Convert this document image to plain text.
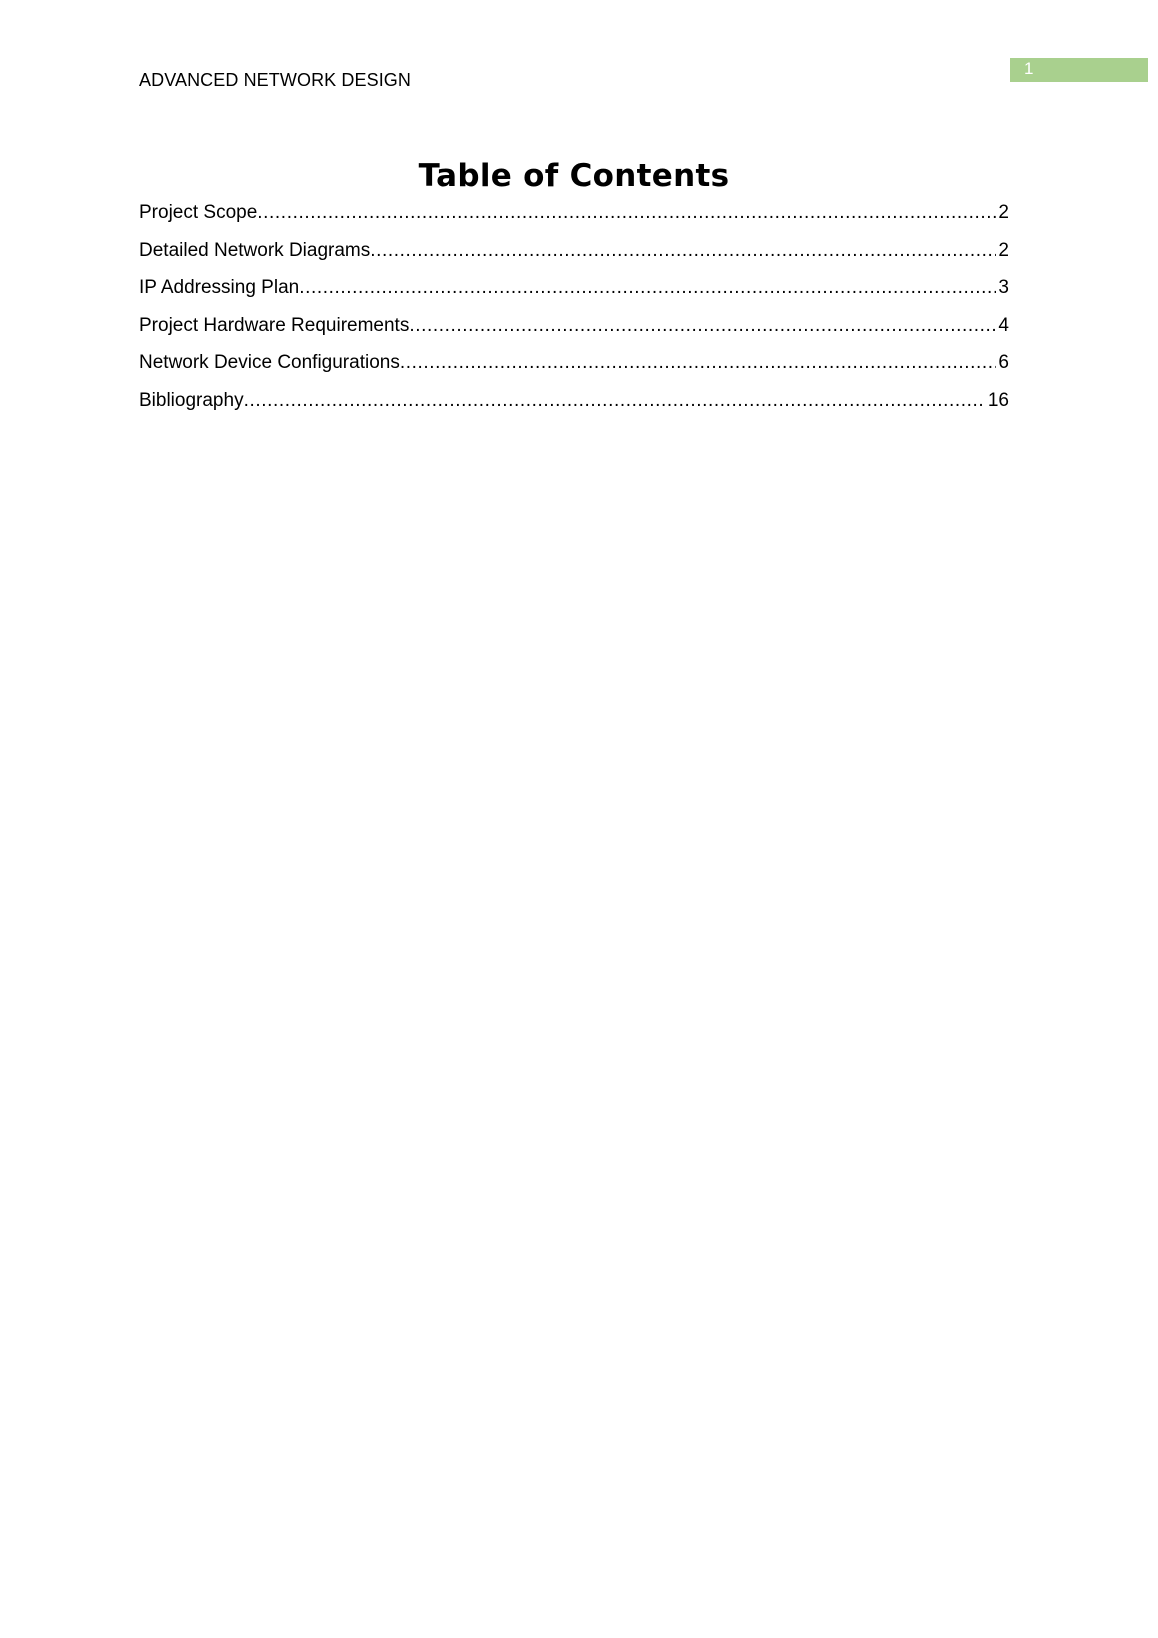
1
ADVANCED NETWORK DESIGN
Table of Contents
Project Scope .....	2
Detailed Network Diagrams .....	2
IP Addressing Plan .....	3
Project Hardware Requirements .....	4
Network Device Configurations .....	6
Bibliography .....	16
